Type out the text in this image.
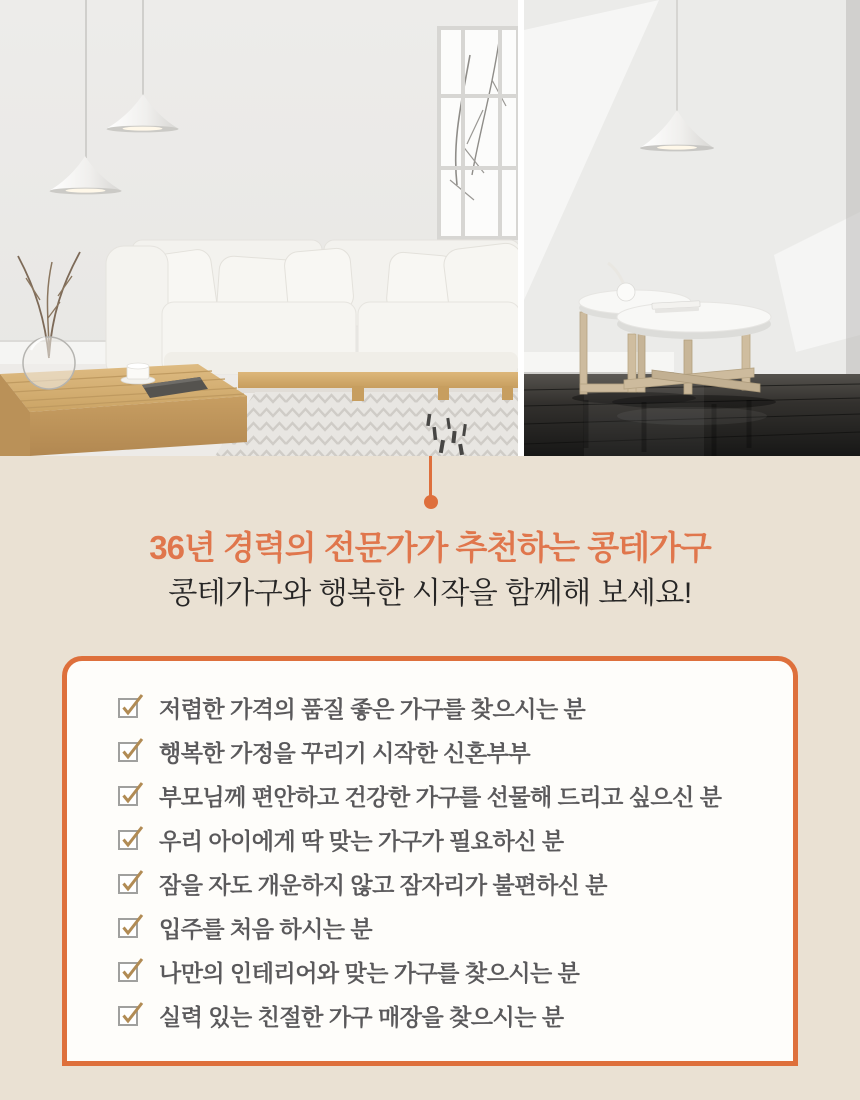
36년 경력의 전문가가 추천하는 콩테가구

콩테가구와 행복한 시작을 함께해 보세요!

저렴한 가격의 품질 좋은 가구를 찾으시는 분
행복한 가정을 꾸리기 시작한 신혼부부
부모님께 편안하고 건강한 가구를 선물해 드리고 싶으신 분
우리 아이에게 딱 맞는 가구가 필요하신 분
잠을 자도 개운하지 않고 잠자리가 불편하신 분
입주를 처음 하시는 분
나만의 인테리어와 맞는 가구를 찾으시는 분
실력 있는 친절한 가구 매장을 찾으시는 분
